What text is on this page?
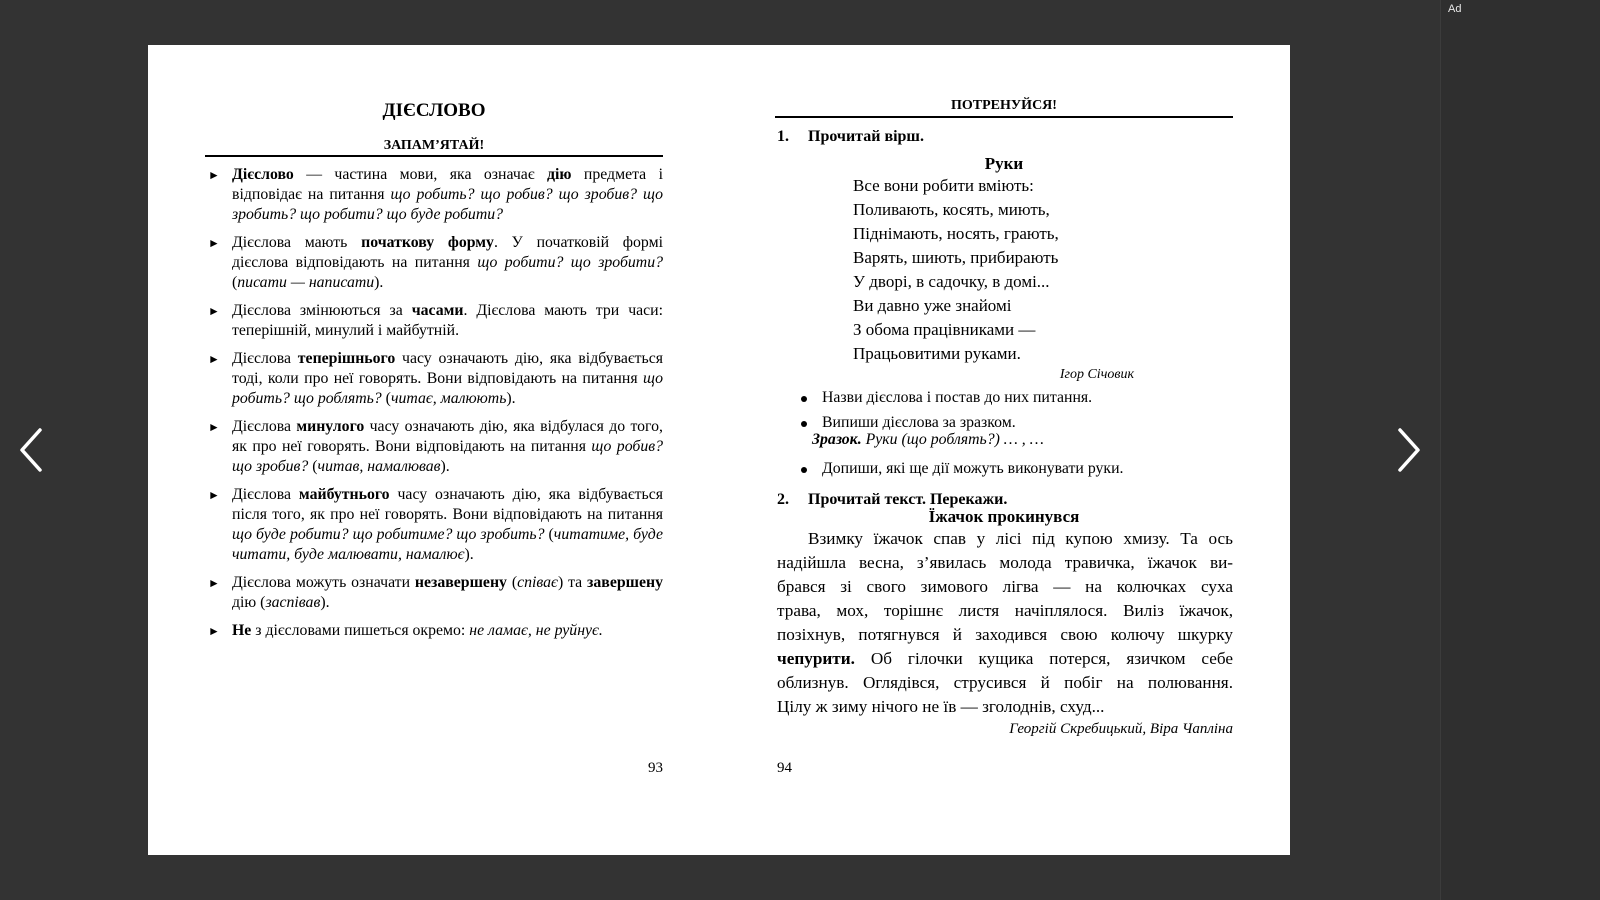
ДІЄСЛОВО
ЗАПАМ’ЯТАЙ!
► Дієслово — частина мови, яка означає дію предмета і відповідає на питання що робить? що робив? що зробив? що зробить? що робити? що буде робити?
► Дієслова мають початкову форму. У початковій формі дієслова відповідають на питання що робити? що зробити? (писати — написати).
► Дієслова змінюються за часами. Дієслова мають три часи: теперішній, минулий і майбутній.
► Дієслова теперішнього часу означають дію, яка відбувається тоді, коли про неї говорять. Вони відповідають на питання що робить? що роблять? (читає, малюють).
► Дієслова минулого часу означають дію, яка відбулася до того, як про неї говорять. Вони відповідають на питання що робив? що зробив? (читав, намалював).
► Дієслова майбутнього часу означають дію, яка відбувається після того, як про неї говорять. Вони відповідають на питання що буде робити? що робитиме? що зробить? (читатиме, буде читати, буде малювати, намалює).
► Дієслова можуть означати незавершену (співає) та завершену дію (заспівав).
► Не з дієсловами пишеться окремо: не ламає, не руйнує.
93
ПОТРЕНУЙСЯ!
1. Прочитай вірш.
Руки
Все вони робити вміють:
Поливають, косять, миють,
Піднімають, носять, грають,
Варять, шиють, прибирають
У дворі, в садочку, в домі...
Ви давно уже знайомі
З обома працівниками —
Працьовитими руками.
Ігор Січовик
Назви дієслова і постав до них питання.
Випиши дієслова за зразком.
Зразок. Руки (що роблять?) … , …
Допиши, які ще дії можуть виконувати руки.
2. Прочитай текст. Перекажи.
Їжачок прокинувся
Взимку їжачок спав у лісі під купою хмизу. Та ось
надійшла весна, з’явилась молода травичка, їжачок ви-
брався зі свого зимового лігва — на колючках суха
трава, мох, торішнє листя начіплялося. Виліз їжачок,
позіхнув, потягнувся й заходився свою колючу шкурку
чепурити. Об гілочки кущика потерся, язичком себе
облизнув. Оглядівся, струсився й побіг на полювання.
Цілу ж зиму нічого не їв — зголоднів, схуд...
Георгій Скребицький, Віра Чапліна
94
Ad
